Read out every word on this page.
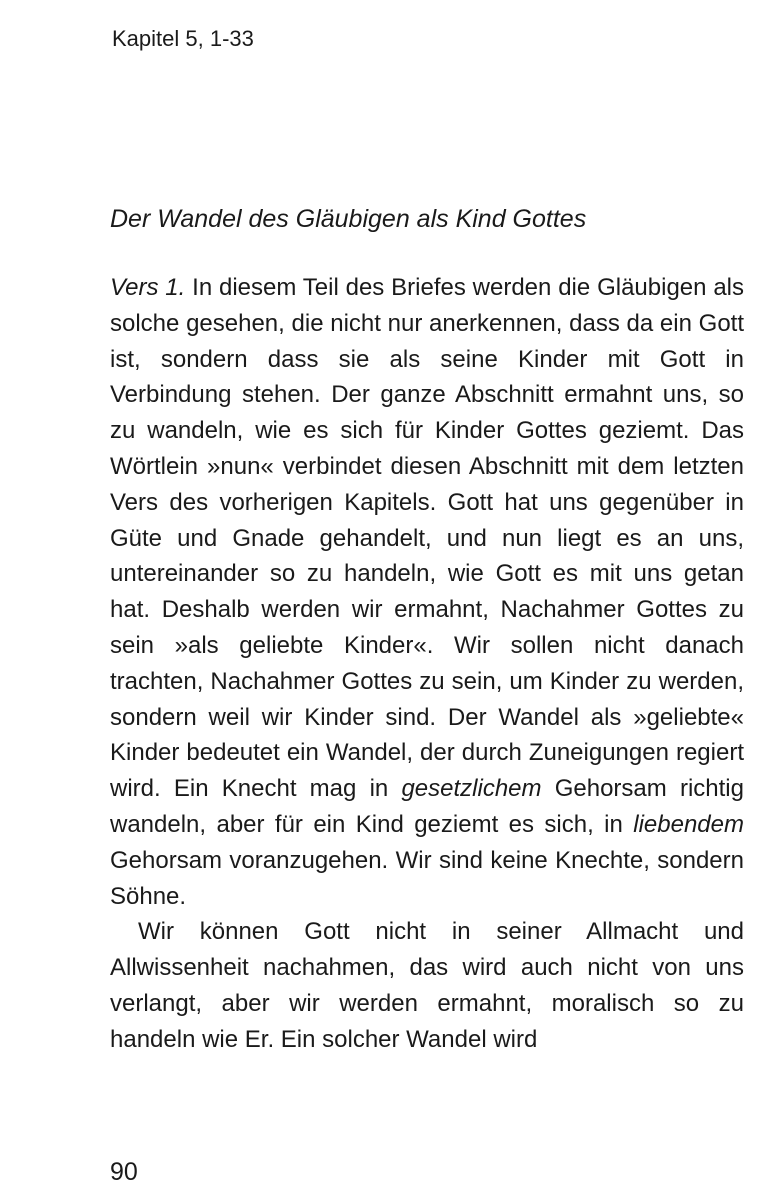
Kapitel 5, 1-33
Der Wandel des Gläubigen als Kind Gottes

Vers 1. In diesem Teil des Briefes werden die Gläubigen als solche gesehen, die nicht nur anerkennen, dass da ein Gott ist, sondern dass sie als seine Kinder mit Gott in Verbindung stehen. Der ganze Abschnitt ermahnt uns, so zu wandeln, wie es sich für Kinder Gottes geziemt. Das Wörtlein »nun« verbindet diesen Abschnitt mit dem letzten Vers des vorherigen Kapitels. Gott hat uns gegenüber in Güte und Gnade gehandelt, und nun liegt es an uns, untereinander so zu handeln, wie Gott es mit uns getan hat. Deshalb werden wir ermahnt, Nachahmer Gottes zu sein »als geliebte Kinder«. Wir sollen nicht danach trachten, Nachahmer Gottes zu sein, um Kinder zu werden, sondern weil wir Kinder sind. Der Wandel als »geliebte« Kinder bedeutet ein Wandel, der durch Zuneigungen regiert wird. Ein Knecht mag in gesetzlichem Gehorsam richtig wandeln, aber für ein Kind geziemt es sich, in liebendem Gehorsam voranzugehen. Wir sind keine Knechte, sondern Söhne.

Wir können Gott nicht in seiner Allmacht und Allwissenheit nachahmen, das wird auch nicht von uns verlangt, aber wir werden ermahnt, moralisch so zu handeln wie Er. Ein solcher Wandel wird

90
